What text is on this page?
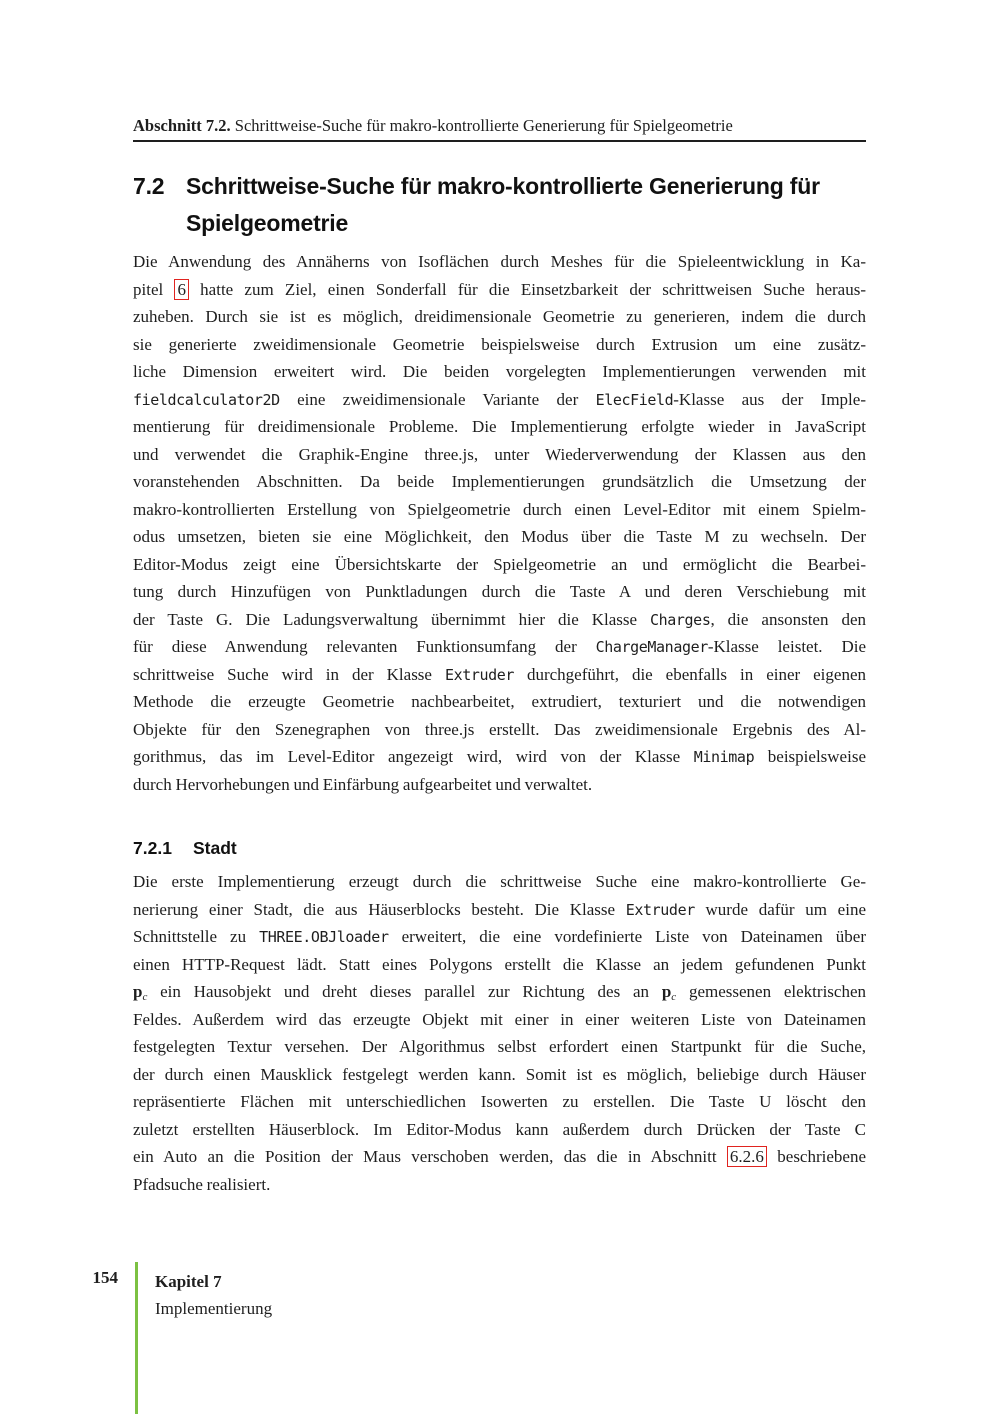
Abschnitt 7.2. Schrittweise-Suche für makro-kontrollierte Generierung für Spielgeometrie
7.2 Schrittweise-Suche für makro-kontrollierte Generierung für
Spielgeometrie
Die Anwendung des Annäherns von Isoflächen durch Meshes für die Spieleentwicklung in Ka-
pitel 6 hatte zum Ziel, einen Sonderfall für die Einsetzbarkeit der schrittweisen Suche heraus-
zuheben. Durch sie ist es möglich, dreidimensionale Geometrie zu generieren, indem die durch
sie generierte zweidimensionale Geometrie beispielsweise durch Extrusion um eine zusätz-
liche Dimension erweitert wird. Die beiden vorgelegten Implementierungen verwenden mit
fieldcalculator2D eine zweidimensionale Variante der ElecField-Klasse aus der Imple-
mentierung für dreidimensionale Probleme. Die Implementierung erfolgte wieder in JavaScript
und verwendet die Graphik-Engine three.js, unter Wiederverwendung der Klassen aus den
voranstehenden Abschnitten. Da beide Implementierungen grundsätzlich die Umsetzung der
makro-kontrollierten Erstellung von Spielgeometrie durch einen Level-Editor mit einem Spielm-
odus umsetzen, bieten sie eine Möglichkeit, den Modus über die Taste M zu wechseln. Der
Editor-Modus zeigt eine Übersichtskarte der Spielgeometrie an und ermöglicht die Bearbei-
tung durch Hinzufügen von Punktladungen durch die Taste A und deren Verschiebung mit
der Taste G. Die Ladungsverwaltung übernimmt hier die Klasse Charges, die ansonsten den
für diese Anwendung relevanten Funktionsumfang der ChargeManager-Klasse leistet. Die
schrittweise Suche wird in der Klasse Extruder durchgeführt, die ebenfalls in einer eigenen
Methode die erzeugte Geometrie nachbearbeitet, extrudiert, texturiert und die notwendigen
Objekte für den Szenegraphen von three.js erstellt. Das zweidimensionale Ergebnis des Al-
gorithmus, das im Level-Editor angezeigt wird, wird von der Klasse Minimap beispielsweise
durch Hervorhebungen und Einfärbung aufgearbeitet und verwaltet.
7.2.1	Stadt
Die erste Implementierung erzeugt durch die schrittweise Suche eine makro-kontrollierte Ge-
nerierung einer Stadt, die aus Häuserblocks besteht. Die Klasse Extruder wurde dafür um eine
Schnittstelle zu THREE.OBJloader erweitert, die eine vordefinierte Liste von Dateinamen über
einen HTTP-Request lädt. Statt eines Polygons erstellt die Klasse an jedem gefundenen Punkt
pc ein Hausobjekt und dreht dieses parallel zur Richtung des an pc gemessenen elektrischen
Feldes. Außerdem wird das erzeugte Objekt mit einer in einer weiteren Liste von Dateinamen
festgelegten Textur versehen. Der Algorithmus selbst erfordert einen Startpunkt für die Suche,
der durch einen Mausklick festgelegt werden kann. Somit ist es möglich, beliebige durch Häuser
repräsentierte Flächen mit unterschiedlichen Isowerten zu erstellen. Die Taste U löscht den
zuletzt erstellten Häuserblock. Im Editor-Modus kann außerdem durch Drücken der Taste C
ein Auto an die Position der Maus verschoben werden, das die in Abschnitt 6.2.6 beschriebene
Pfadsuche realisiert.
154 Kapitel 7
Implementierung
